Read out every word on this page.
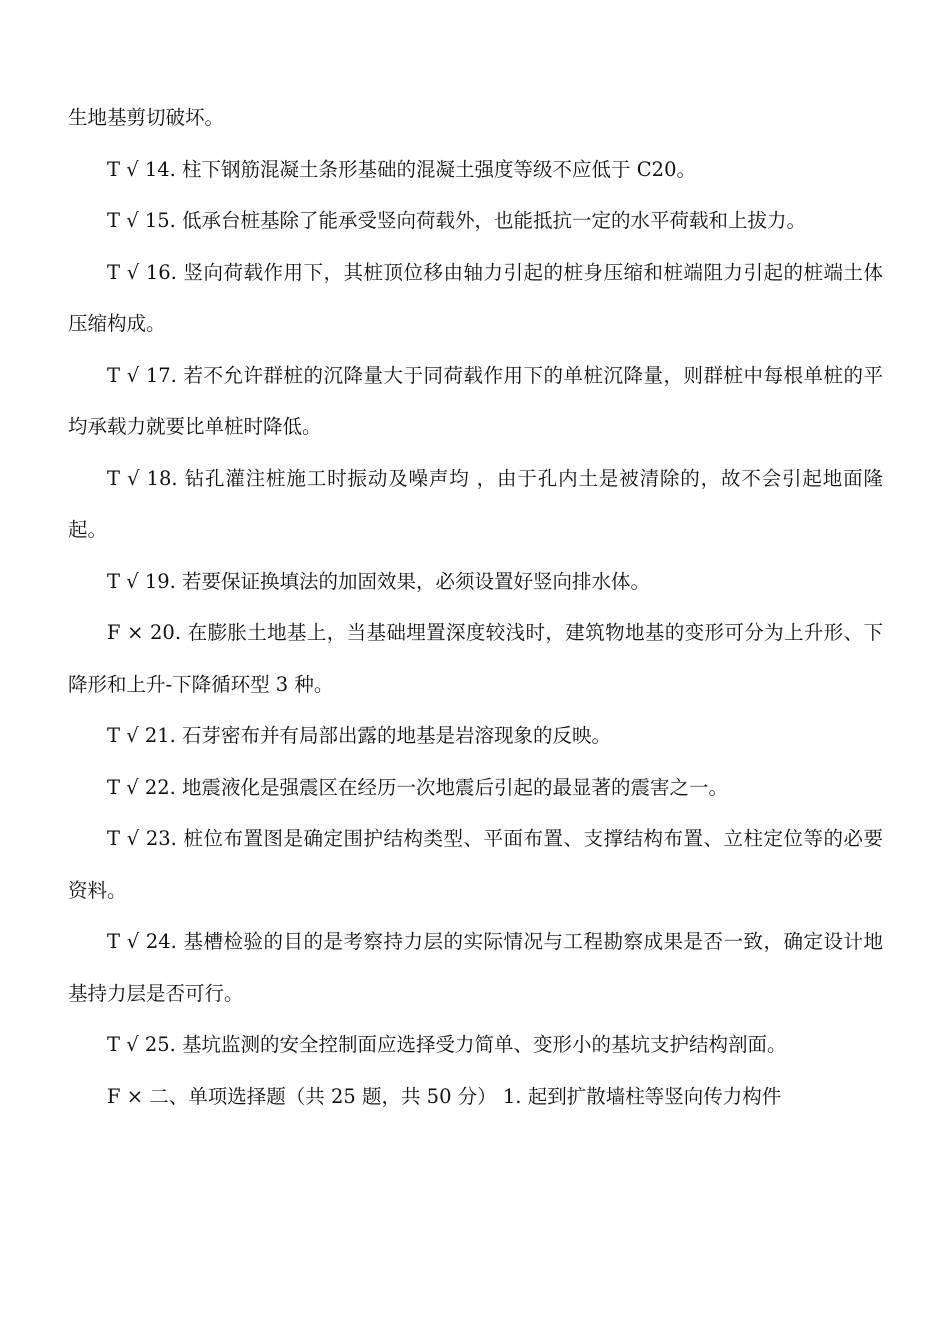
生地基剪切破坏。

T √ 14. 柱下钢筋混凝土条形基础的混凝土强度等级不应低于 C20。

T √ 15. 低承台桩基除了能承受竖向荷载外，也能抵抗一定的水平荷载和上拔力。

T √ 16. 竖向荷载作用下，其桩顶位移由轴力引起的桩身压缩和桩端阻力引起的桩端土体压缩构成。

T √ 17. 若不允许群桩的沉降量大于同荷载作用下的单桩沉降量，则群桩中每根单桩的平均承载力就要比单桩时降低。

T √ 18. 钻孔灌注桩施工时振动及噪声均 ，由于孔内土是被清除的，故不会引起地面隆起。

T √ 19. 若要保证换填法的加固效果，必须设置好竖向排水体。

F × 20. 在膨胀土地基上，当基础埋置深度较浅时，建筑物地基的变形可分为上升形、下降形和上升-下降循环型 3 种。

T √ 21. 石芽密布并有局部出露的地基是岩溶现象的反映。

T √ 22. 地震液化是强震区在经历一次地震后引起的最显著的震害之一。

T √ 23. 桩位布置图是确定围护结构类型、平面布置、支撑结构布置、立柱定位等的必要资料。

T √ 24. 基槽检验的目的是考察持力层的实际情况与工程勘察成果是否一致，确定设计地基持力层是否可行。

T √ 25. 基坑监测的安全控制面应选择受力简单、变形小的基坑支护结构剖面。

F × 二、单项选择题（共 25 题，共 50 分） 1. 起到扩散墙柱等竖向传力构件
